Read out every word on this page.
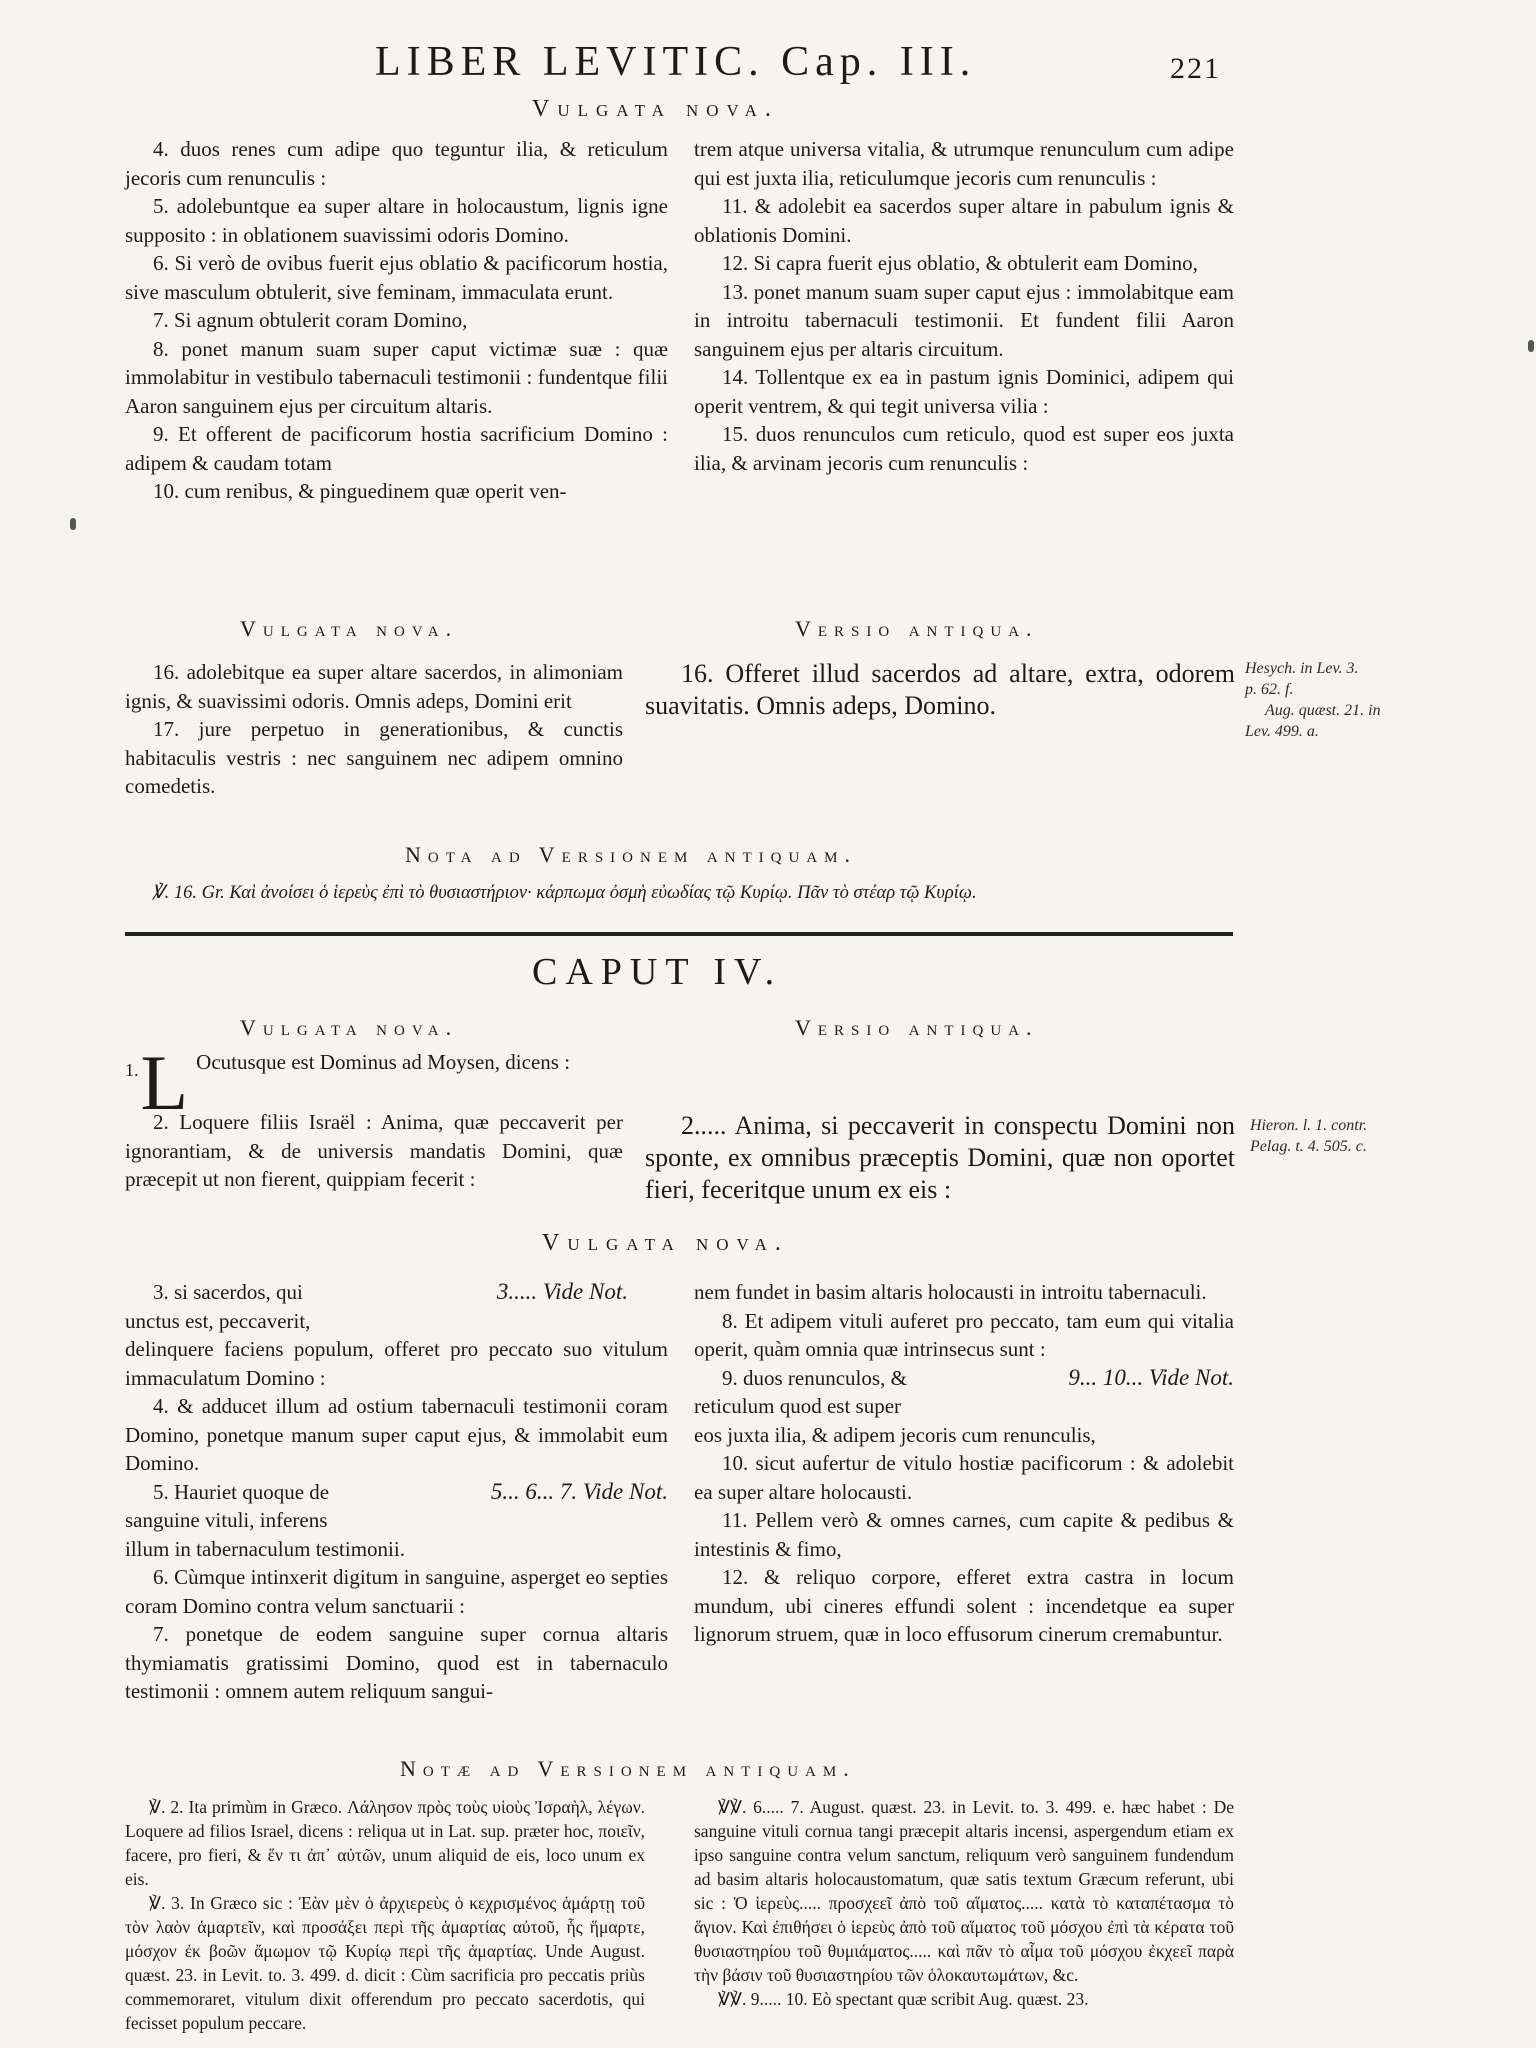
LIBER LEVITIC. Cap. III.	221
Vulgata nova.

4. duos renes cum adipe quo teguntur ilia, & reticulum jecoris cum renunculis :

5. adolebuntque ea super altare in holocaustum, lignis igne supposito : in oblationem suavissimi odoris Domino.

6. Si verò de ovibus fuerit ejus oblatio & pacificorum hostia, sive masculum obtulerit, sive feminam, immaculata erunt.

7. Si agnum obtulerit coram Domino,

8. ponet manum suam super caput victimæ suæ : quæ immolabitur in vestibulo tabernaculi testimonii : fundentque filii Aaron sanguinem ejus per circuitum altaris.

9. Et offerent de pacificorum hostia sacrificium Domino : adipem & caudam totam

10. cum renibus, & pinguedinem quæ operit ven-

trem atque universa vitalia, & utrumque renunculum cum adipe qui est juxta ilia, reticulumque jecoris cum renunculis :

11. & adolebit ea sacerdos super altare in pabulum ignis & oblationis Domini.

12. Si capra fuerit ejus oblatio, & obtulerit eam Domino,

13. ponet manum suam super caput ejus : immolabitque eam in introitu tabernaculi testimonii. Et fundent filii Aaron sanguinem ejus per altaris circuitum.

14. Tollentque ex ea in pastum ignis Dominici, adipem qui operit ventrem, & qui tegit universa vilia :

15. duos renunculos cum reticulo, quod est super eos juxta ilia, & arvinam jecoris cum renunculis :

Vulgata nova.	Versio antiqua.

16. adolebitque ea super altare sacerdos, in alimoniam ignis, & suavissimi odoris. Omnis adeps, Domini erit

17. jure perpetuo in generationibus, & cunctis habitaculis vestris : nec sanguinem nec adipem omnino comedetis.

16. Offeret illud sacerdos ad altare, extra, odorem suavitatis. Omnis adeps, Domino.
Hesych. in Lev. 3.
p. 62. f.
Aug. quæst. 21. in
Lev. 499. a.
Nota ad Versionem antiquam.
℣. 16. Gr. Καὶ ἀνοίσει ὁ ἱερεὺς ἐπὶ τὸ θυσιαστήριον· κάρπωμα ὀσμὴ εὐωδίας τῷ Κυρίῳ. Πᾶν τὸ στέαρ τῷ Κυρίῳ.
CAPUT IV.
Vulgata nova.	Versio antiqua.
1. L Ocutusque est Dominus ad Moysen, dicens :

2. Loquere filiis Israël : Anima, quæ peccaverit per ignorantiam, & de universis mandatis Domini, quæ præcepit ut non fierent, quippiam fecerit :

2..... Anima, si peccaverit in conspectu Domini non sponte, ex omnibus præceptis Domini, quæ non oportet fieri, feceritque unum ex eis :
Hieron. l. 1. contr.
Pelag. t. 4. 505. c.
Vulgata nova.
3. si sacerdos, qui	3..... Vide Not.
unctus est, peccaverit,
delinquere faciens populum, offeret pro peccato suo vitulum immaculatum Domino :
4. & adducet illum ad ostium tabernaculi testimonii coram Domino, ponetque manum super caput ejus, & immolabit eum Domino.
5. Hauriet quoque de	5... 6... 7. Vide Not.
sanguine vituli, inferens
illum in tabernaculum testimonii.
6. Cùmque intinxerit digitum in sanguine, asperget eo septies coram Domino contra velum sanctuarii :
7. ponetque de eodem sanguine super cornua altaris thymiamatis gratissimi Domino, quod est in tabernaculo testimonii : omnem autem reliquum sangui-
nem fundet in basim altaris holocausti in introitu tabernaculi.
8. Et adipem vituli auferet pro peccato, tam eum qui vitalia operit, quàm omnia quæ intrinsecus sunt :
9. duos renunculos, &	9... 10... Vide Not.
reticulum quod est super
eos juxta ilia, & adipem jecoris cum renunculis,
10. sicut aufertur de vitulo hostiæ pacificorum : & adolebit ea super altare holocausti.
11. Pellem verò & omnes carnes, cum capite & pedibus & intestinis & fimo,
12. & reliquo corpore, efferet extra castra in locum mundum, ubi cineres effundi solent : incendetque ea super lignorum struem, quæ in loco effusorum cinerum cremabuntur.
Notæ ad Versionem antiquam.

℣. 2. Ita primùm in Græco. Λάλησον πρὸς τοὺς υἱοὺς Ἰσραὴλ, λέγων. Loquere ad filios Israel, dicens : reliqua ut in Lat. sup. præter hoc, ποιεῖν, facere, pro fieri, & ἕν τι ἀπ᾽ αὐτῶν, unum aliquid de eis, loco unum ex eis.

℣. 3. In Græco sic : Ἐὰν μὲν ὁ ἀρχιερεὺς ὁ κεχρισμένος ἁμάρτῃ τοῦ τὸν λαὸν ἁμαρτεῖν, καὶ προσάξει περὶ τῆς ἁμαρτίας αὐτοῦ, ἧς ἥμαρτε, μόσχον ἐκ βοῶν ἄμωμον τῷ Κυρίῳ περὶ τῆς ἁμαρτίας. Unde August. quæst. 23. in Levit. to. 3. 499. d. dicit : Cùm sacrificia pro peccatis priùs commemoraret, vitulum dixit offerendum pro peccato sacerdotis, qui fecisset populum peccare.

℣℣. 6..... 7. August. quæst. 23. in Levit. to. 3. 499. e. hæc habet : De sanguine vituli cornua tangi præcepit altaris incensi, aspergendum etiam ex ipso sanguine contra velum sanctum, reliquum verò sanguinem fundendum ad basim altaris holocaustomatum, quæ satis textum Græcum referunt, ubi sic : Ὁ ἱερεὺς..... προσχεεῖ ἀπὸ τοῦ αἵματος..... κατὰ τὸ καταπέτασμα τὸ ἅγιον. Καὶ ἐπιθήσει ὁ ἱερεὺς ἀπὸ τοῦ αἵματος τοῦ μόσχου ἐπὶ τὰ κέρατα τοῦ θυσιαστηρίου τοῦ θυμιάματος..... καὶ πᾶν τὸ αἷμα τοῦ μόσχου ἐκχεεῖ παρὰ τὴν βάσιν τοῦ θυσιαστηρίου τῶν ὁλοκαυτωμάτων, &c.

℣℣. 9..... 10. Eò spectant quæ scribit Aug. quæst. 23.
